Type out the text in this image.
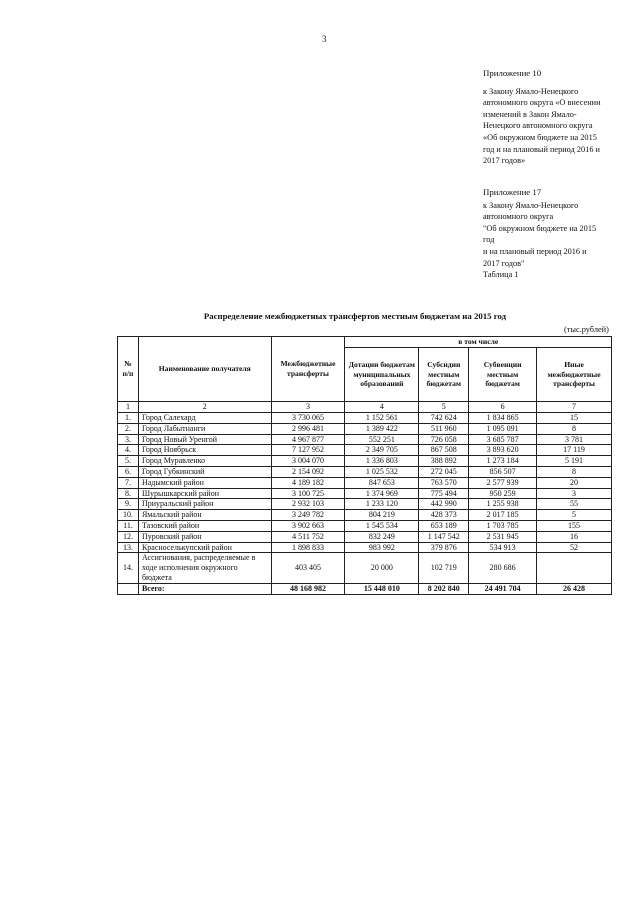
3
Приложение 10
к Закону Ямало-Ненецкого
автономного округа «О внесении
изменений в Закон Ямало-
Ненецкого автономного округа
«Об окружном бюджете на 2015
год и на плановый период 2016 и
2017 годов»
Приложение 17
к Закону Ямало-Ненецкого
автономного округа
"Об окружном бюджете на 2015
год
и на плановый период 2016 и
2017 годов"
Таблица 1
Распределение межбюджетных трансфертов местным бюджетам на 2015 год
(тыс.рублей)
№ п/п	Наименование получателя	Межбюджетные трансферты	в том числе			
			Дотации бюджетам муниципальных образований	Субсидии местным бюджетам	Субвенции местным бюджетам	Иные межбюджетные трансферты
1	2	3	4	5	6	7
1.	Город Салехард	3 730 065	1 152 561	742 624	1 834 865	15
2.	Город Лабытнанги	2 996 481	1 389 422	511 960	1 095 091	8
3.	Город Новый Уренгой	4 967 877	552 251	726 058	3 685 787	3 781
4.	Город Ноябрьск	7 127 952	2 349 705	867 508	3 893 620	17 119
5.	Город Муравленко	3 004 070	1 336 803	388 892	1 273 184	5 191
6.	Город Губкинский	2 154 092	1 025 532	272 045	856 507	8
7.	Надымский район	4 189 182	847 653	763 570	2 577 939	20
8.	Шурышкарский район	3 100 725	1 374 969	775 494	950 259	3
9.	Приуральский район	2 932 103	1 233 120	442 990	1 255 938	55
10.	Ямальский район	3 249 782	804 219	428 373	2 017 185	5
11.	Тазовский район	3 902 663	1 545 534	653 189	1 703 785	155
12.	Пуровский район	4 511 752	832 249	1 147 542	2 531 945	16
13.	Красноселькупский район	1 898 833	983 992	379 876	534 913	52
14.	Ассигнования, распределяемые в ходе исполнения окружного бюджета	403 405	20 000	102 719	280 686	
	Всего:	48 168 982	15 448 010	8 202 840	24 491 704	26 428
